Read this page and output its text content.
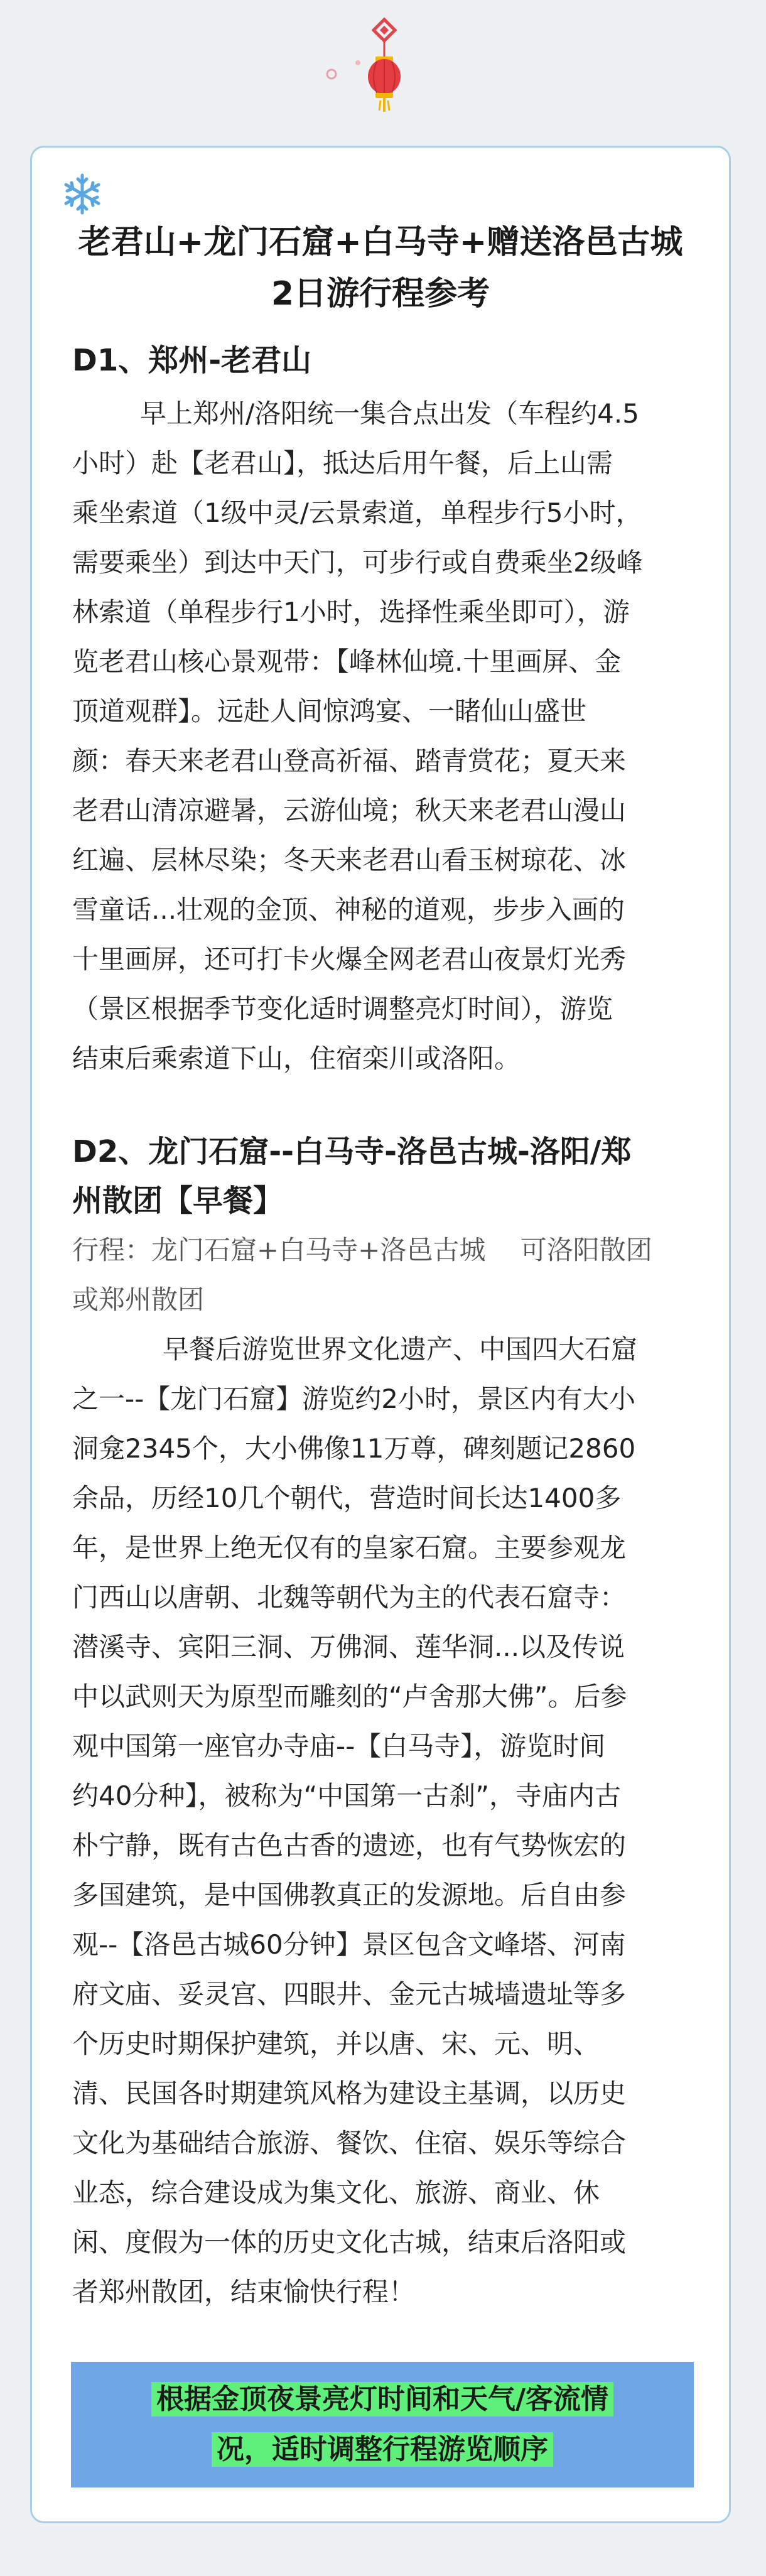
老君山+龙门石窟+白马寺+赠送洛邑古城
2日游行程参考
D1、郑州-老君山
早上郑州/洛阳统一集合点出发（车程约4.5
小时）赴【老君山】，抵达后用午餐，后上山需
乘坐索道（1级中灵/云景索道，单程步行5小时，
需要乘坐）到达中天门，可步行或自费乘坐2级峰
林索道（单程步行1小时，选择性乘坐即可），游
览老君山核心景观带：【峰林仙境.十里画屏、金
顶道观群】。远赴人间惊鸿宴、一睹仙山盛世
颜：春天来老君山登高祈福、踏青赏花；夏天来
老君山清凉避暑，云游仙境；秋天来老君山漫山
红遍、层林尽染；冬天来老君山看玉树琼花、冰
雪童话...壮观的金顶、神秘的道观，步步入画的
十里画屏，还可打卡火爆全网老君山夜景灯光秀
（景区根据季节变化适时调整亮灯时间），游览
结束后乘索道下山，住宿栾川或洛阳。
D2、龙门石窟--白马寺-洛邑古城-洛阳/郑
州散团【早餐】
行程：龙门石窟+白马寺+洛邑古城　 可洛阳散团
或郑州散团
早餐后游览世界文化遗产、中国四大石窟
之一--【龙门石窟】游览约2小时，景区内有大小
洞龛2345个，大小佛像11万尊，碑刻题记2860
余品，历经10几个朝代，营造时间长达1400多
年，是世界上绝无仅有的皇家石窟。主要参观龙
门西山以唐朝、北魏等朝代为主的代表石窟寺：
潜溪寺、宾阳三洞、万佛洞、莲华洞...以及传说
中以武则天为原型而雕刻的“卢舍那大佛”。后参
观中国第一座官办寺庙--【白马寺】，游览时间
约40分种】，被称为“中国第一古刹”，寺庙内古
朴宁静，既有古色古香的遗迹，也有气势恢宏的
多国建筑，是中国佛教真正的发源地。后自由参
观--【洛邑古城60分钟】景区包含文峰塔、河南
府文庙、妥灵宫、四眼井、金元古城墙遗址等多
个历史时期保护建筑，并以唐、宋、元、明、
清、民国各时期建筑风格为建设主基调，以历史
文化为基础结合旅游、餐饮、住宿、娱乐等综合
业态，综合建设成为集文化、旅游、商业、休
闲、度假为一体的历史文化古城，结束后洛阳或
者郑州散团，结束愉快行程！
根据金顶夜景亮灯时间和天气/客流情
况，适时调整行程游览顺序
